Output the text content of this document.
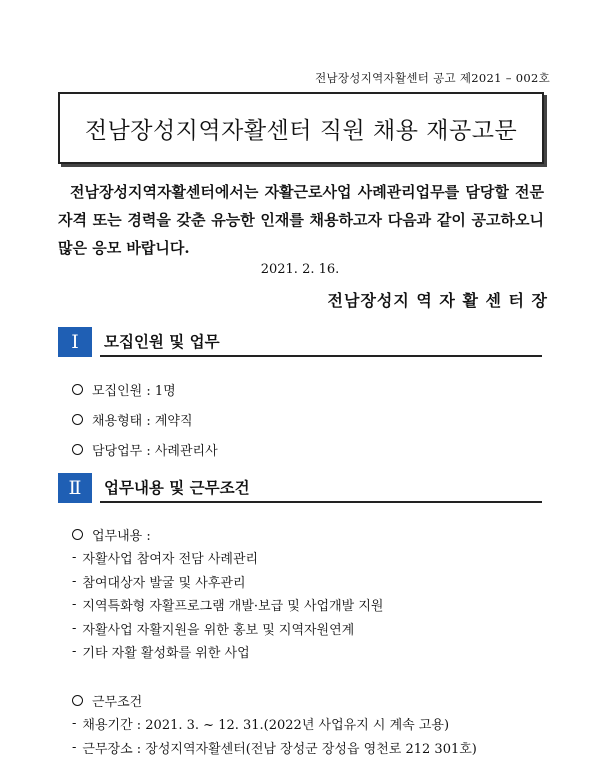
전남장성지역자활센터 공고 제2021 – 002호
전남장성지역자활센터 직원 채용 재공고문
전남장성지역자활센터에서는 자활근로사업 사례관리업무를 담당할 전문자격 또는 경력을 갖춘 유능한 인재를 채용하고자 다음과 같이 공고하오니 많은 응모 바랍니다.
2021. 2. 16.
전남장성지 역 자 활 센 터 장
Ⅰ	모집인원 및 업무
모집인원 : 1명
채용형태 : 계약직
담당업무 : 사례관리사
Ⅱ	업무내용 및 근무조건
업무내용 :
- 자활사업 참여자 전담 사례관리
- 참여대상자 발굴 및 사후관리
- 지역특화형 자활프로그램 개발·보급 및 사업개발 지원
- 자활사업 자활지원을 위한 홍보 및 지역자원연계
- 기타 자활 활성화를 위한 사업
근무조건
- 채용기간 : 2021. 3. ~ 12. 31.(2022년 사업유지 시 계속 고용)
- 근무장소 : 장성지역자활센터(전남 장성군 장성읍 영천로 212 301호)
